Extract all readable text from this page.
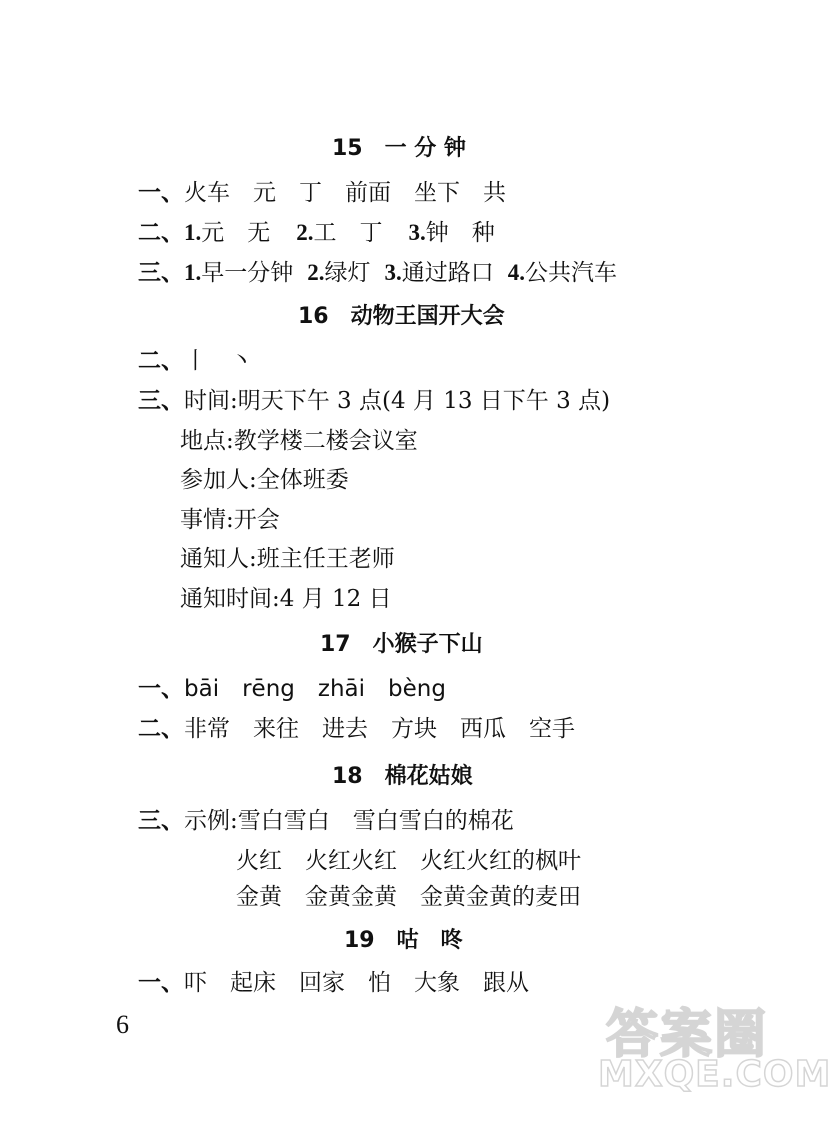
15　一 分 钟
一、火车　元　丁　前面　坐下　共
二、1.元　无 2.工　丁 3.钟　种
三、1.早一分钟 2.绿灯 3.通过路口 4.公共汽车
16　动物王国开大会
二、丨　丶
三、时间:明天下午 3 点(4 月 13 日下午 3 点)
地点:教学楼二楼会议室
参加人:全体班委
事情:开会
通知人:班主任王老师
通知时间:4 月 12 日
17　小猴子下山
一、bāi　rēng　zhāi　bèng
二、非常　来往　进去　方块　西瓜　空手
18　棉花姑娘
三、示例:雪白雪白　雪白雪白的棉花
火红　火红火红　火红火红的枫叶
金黄　金黄金黄　金黄金黄的麦田
19　咕　咚
一、吓　起床　回家　怕　大象　跟从
6	答案圈
MXQE.COM
